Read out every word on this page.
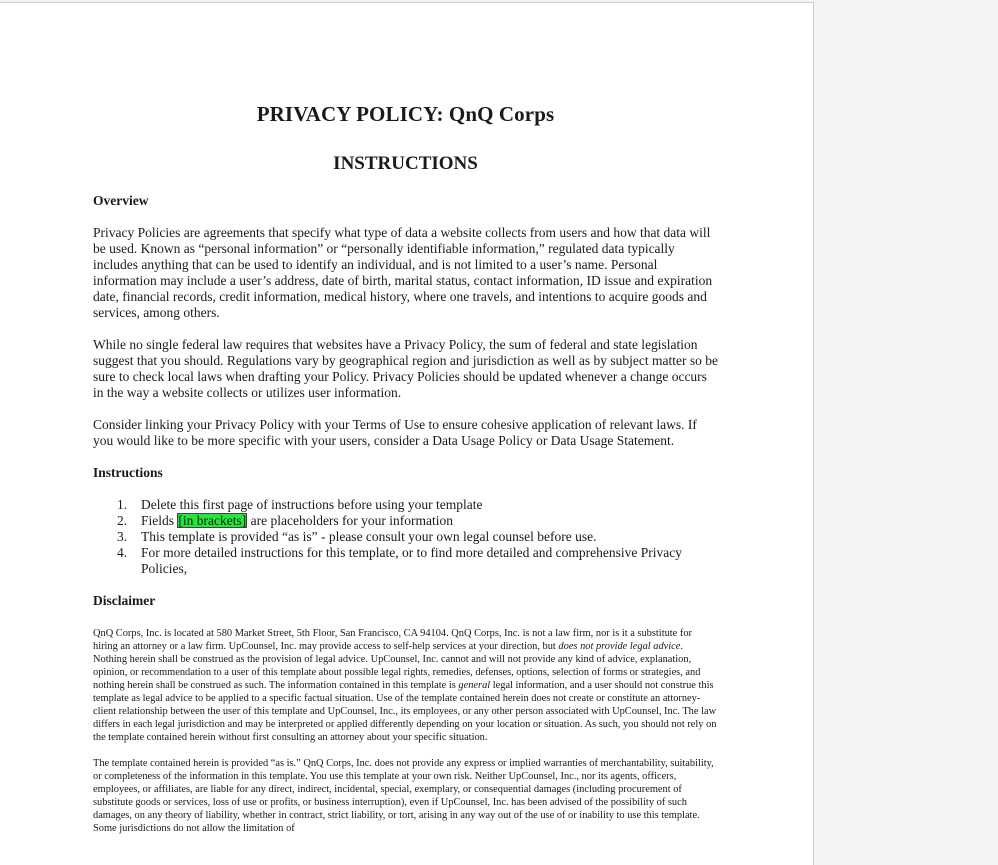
PRIVACY POLICY: QnQ Corps
INSTRUCTIONS
Overview

Privacy Policies are agreements that specify what type of data a website collects from users and how that data will be used. Known as “personal information” or “personally identifiable information,” regulated data typically includes anything that can be used to identify an individual, and is not limited to a user’s name. Personal information may include a user’s address, date of birth, marital status, contact information, ID issue and expiration date, financial records, credit information, medical history, where one travels, and intentions to acquire goods and services, among others.

While no single federal law requires that websites have a Privacy Policy, the sum of federal and state legislation suggest that you should. Regulations vary by geographical region and jurisdiction as well as by subject matter so be sure to check local laws when drafting your Policy. Privacy Policies should be updated whenever a change occurs in the way a website collects or utilizes user information.

Consider linking your Privacy Policy with your Terms of Use to ensure cohesive application of relevant laws. If you would like to be more specific with your users, consider a Data Usage Policy or Data Usage Statement.

Instructions
1. Delete this first page of instructions before using your template
2. Fields [in brackets] are placeholders for your information
3. This template is provided “as is” - please consult your own legal counsel before use.
4. For more detailed instructions for this template, or to find more detailed and comprehensive Privacy Policies,
Disclaimer

QnQ Corps, Inc. is located at 580 Market Street, 5th Floor, San Francisco, CA 94104. QnQ Corps, Inc. is not a law firm, nor is it a substitute for hiring an attorney or a law firm. UpCounsel, Inc. may provide access to self-help services at your direction, but does not provide legal advice. Nothing herein shall be construed as the provision of legal advice. UpCounsel, Inc. cannot and will not provide any kind of advice, explanation, opinion, or recommendation to a user of this template about possible legal rights, remedies, defenses, options, selection of forms or strategies, and nothing herein shall be construed as such. The information contained in this template is general legal information, and a user should not construe this template as legal advice to be applied to a specific factual situation. Use of the template contained herein does not create or constitute an attorney-client relationship between the user of this template and UpCounsel, Inc., its employees, or any other person associated with UpCounsel, Inc. The law differs in each legal jurisdiction and may be interpreted or applied differently depending on your location or situation. As such, you should not rely on the template contained herein without first consulting an attorney about your specific situation.

The template contained herein is provided “as is.” QnQ Corps, Inc. does not provide any express or implied warranties of merchantability, suitability, or completeness of the information in this template. You use this template at your own risk. Neither UpCounsel, Inc., nor its agents, officers, employees, or affiliates, are liable for any direct, indirect, incidental, special, exemplary, or consequential damages (including procurement of substitute goods or services, loss of use or profits, or business interruption), even if UpCounsel, Inc. has been advised of the possibility of such damages, on any theory of liability, whether in contract, strict liability, or tort, arising in any way out of the use of or inability to use this template. Some jurisdictions do not allow the limitation of
